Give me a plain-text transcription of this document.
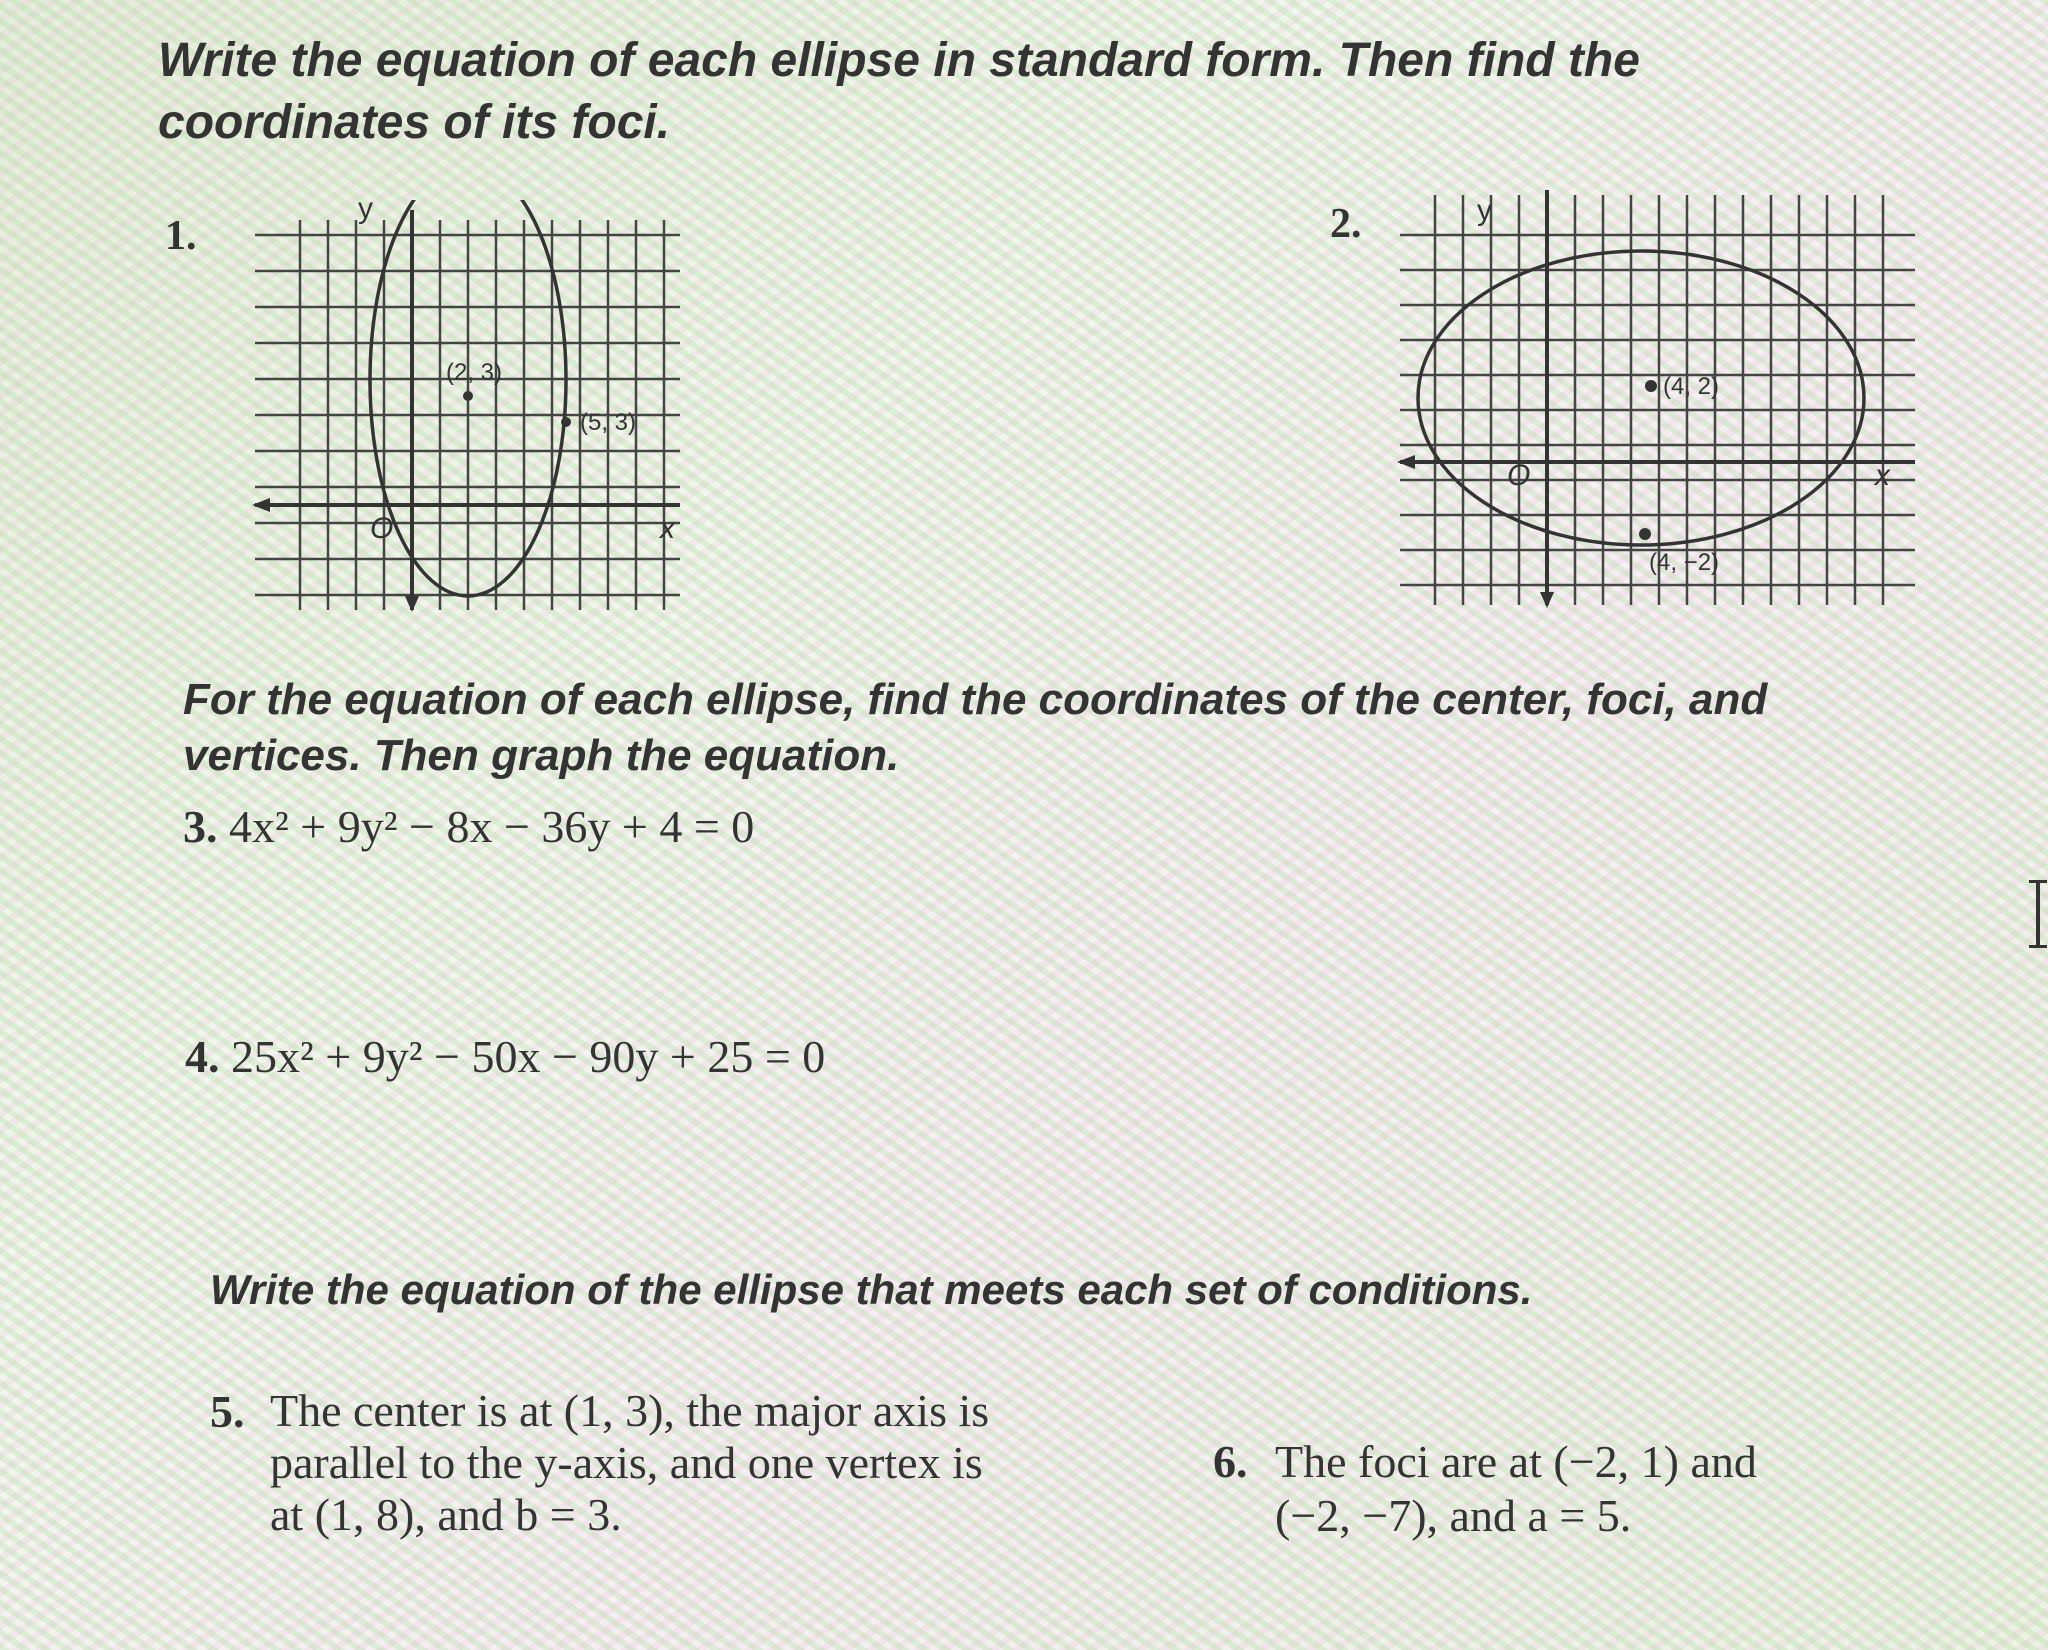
Write the equation of each ellipse in standard form. Then find the coordinates of its foci.
1.
y
x
O
(2, 3)
(5, 3)
2.	y
x
O
(4, 2)
(4, −2)
For the equation of each ellipse, find the coordinates of the center, foci, and vertices. Then graph the equation.
3. 4x² + 9y² − 8x − 36y + 4 = 0
4. 25x² + 9y² − 50x − 90y + 25 = 0
Write the equation of the ellipse that meets each set of conditions.
5. The center is at (1, 3), the major axis is
parallel to the y-axis, and one vertex is
at (1, 8), and b = 3.
6. The foci are at (−2, 1) and
(−2, −7), and a = 5.
